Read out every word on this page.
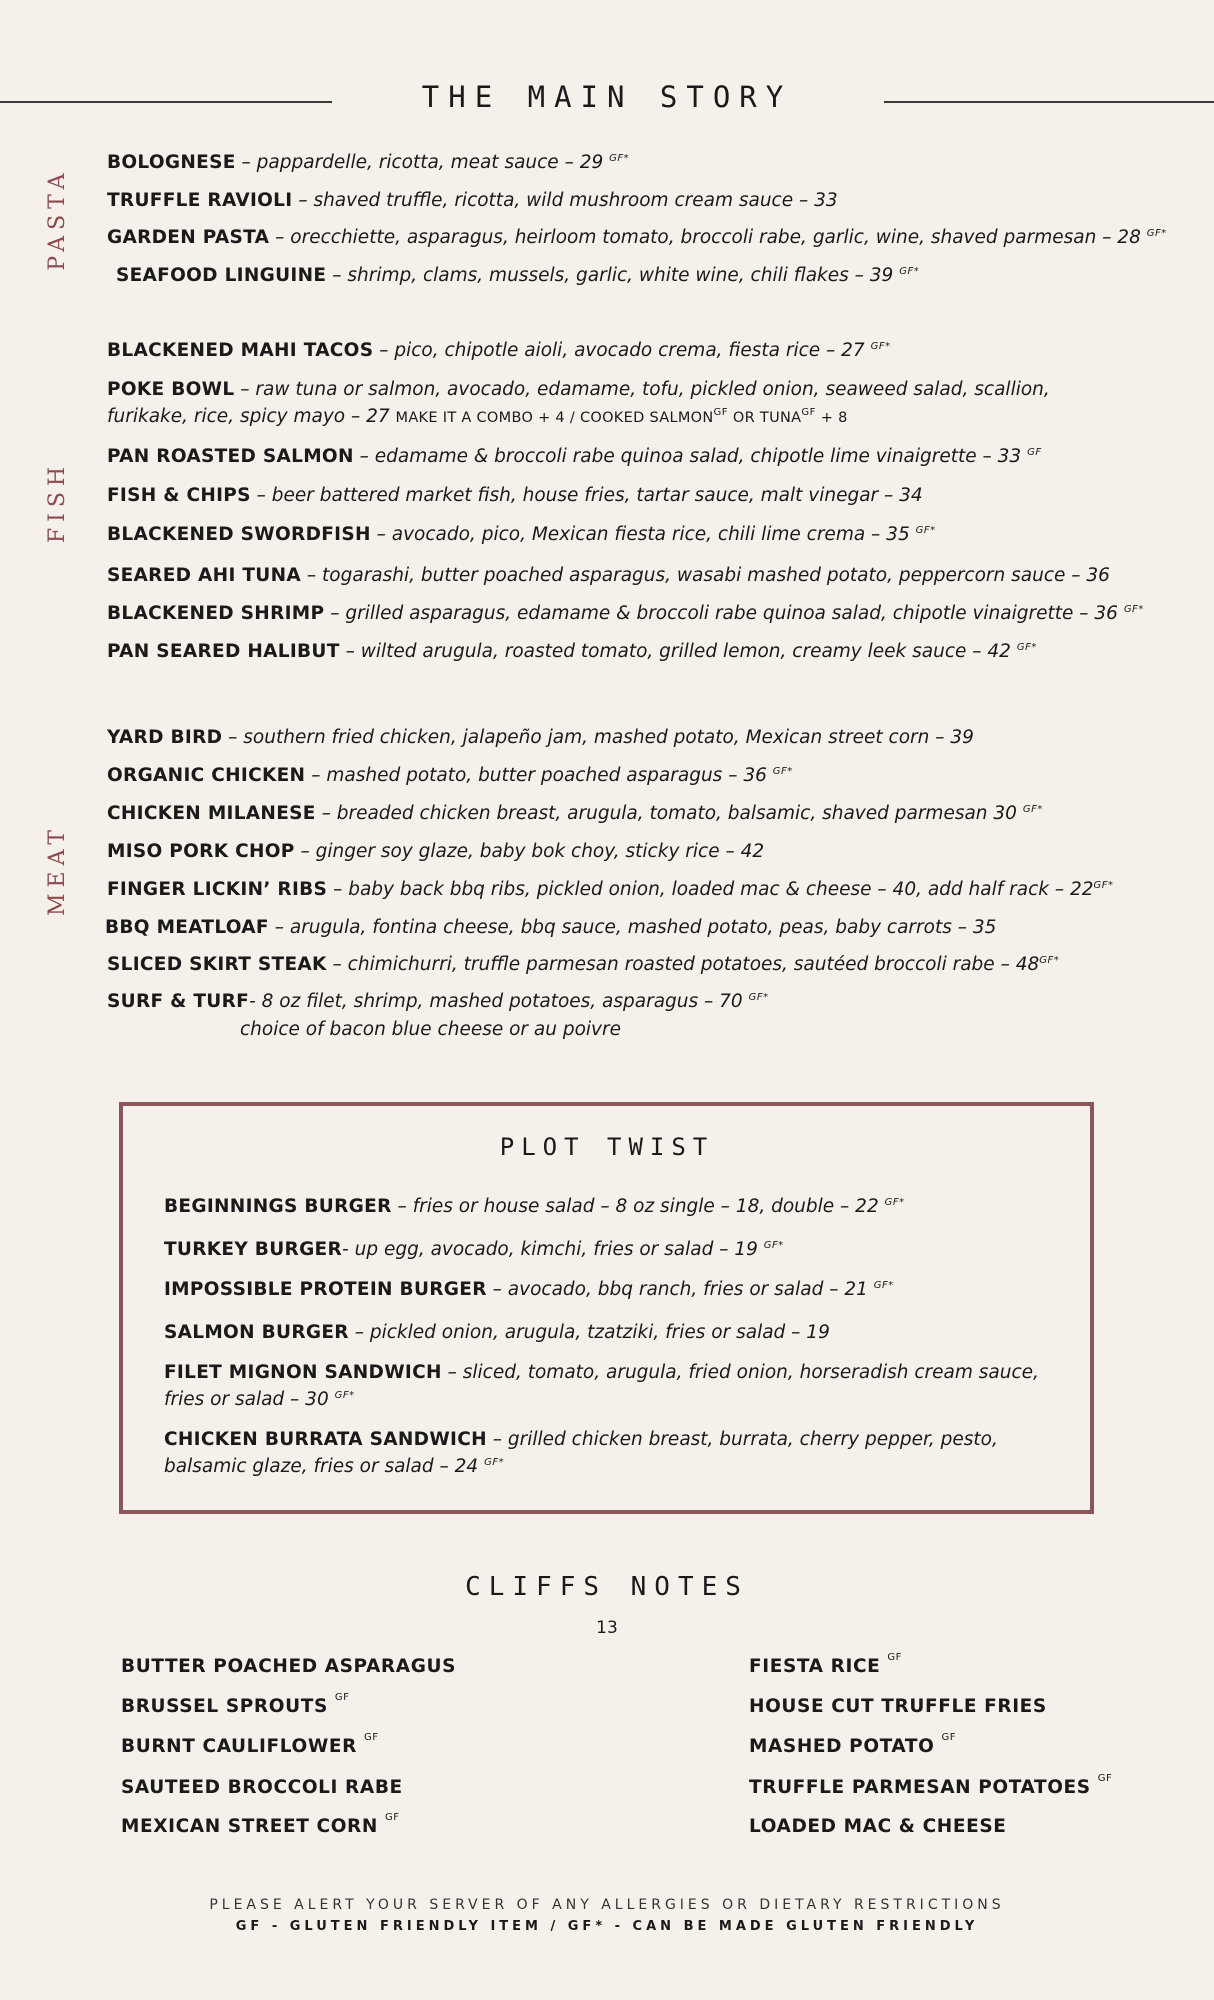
THE MAIN STORY
PASTA
FISH
MEAT
BOLOGNESE – pappardelle, ricotta, meat sauce – 29 $^{GF*}$
TRUFFLE RAVIOLI – shaved truffle, ricotta, wild mushroom cream sauce – 33
GARDEN PASTA – orecchiette, asparagus, heirloom tomato, broccoli rabe, garlic, wine, shaved parmesan – 28 $^{GF*}$
SEAFOOD LINGUINE – shrimp, clams, mussels, garlic, white wine, chili flakes – 39 $^{GF*}$
BLACKENED MAHI TACOS – pico, chipotle aioli, avocado crema, fiesta rice – 27 $^{GF*}$
POKE BOWL – raw tuna or salmon, avocado, edamame, tofu, pickled onion, seaweed salad, scallion,
furikake, rice, spicy mayo – 27 MAKE IT A COMBO + 4 / COOKED $SALMON^{GF}$ OR $TUNA^{GF} + 8$
PAN ROASTED SALMON – edamame & broccoli rabe quinoa salad, chipotle lime vinaigrette – 33 $^{GF}$
FISH & CHIPS – beer battered market fish, house fries, tartar sauce, malt vinegar – 34
BLACKENED SWORDFISH – avocado, pico, Mexican fiesta rice, chili lime crema – 35 $^{GF*}$
SEARED AHI TUNA – togarashi, butter poached asparagus, wasabi mashed potato, peppercorn sauce – 36
BLACKENED SHRIMP – grilled asparagus, edamame & broccoli rabe quinoa salad, chipotle vinaigrette – 36 $^{GF*}$
PAN SEARED HALIBUT – wilted arugula, roasted tomato, grilled lemon, creamy leek sauce – 42 $^{GF*}$
YARD BIRD – southern fried chicken, jalapeño jam, mashed potato, Mexican street corn – 39
ORGANIC CHICKEN – mashed potato, butter poached asparagus – 36 $^{GF*}$
CHICKEN MILANESE – breaded chicken breast, arugula, tomato, balsamic, shaved parmesan 30 $^{GF*}$
MISO PORK CHOP – ginger soy glaze, baby bok choy, sticky rice – 42
FINGER LICKIN’ RIBS – baby back bbq ribs, pickled onion, loaded mac & cheese – 40, add half rack – $22^{GF*}$
BBQ MEATLOAF – arugula, fontina cheese, bbq sauce, mashed potato, peas, baby carrots – 35
SLICED SKIRT STEAK – chimichurri, truffle parmesan roasted potatoes, sautéed broccoli rabe – $48^{GF*}$
SURF & TURF- 8 oz filet, shrimp, mashed potatoes, asparagus – 70 $^{GF*}$
choice of bacon blue cheese or au poivre
PLOT TWIST
BEGINNINGS BURGER – fries or house salad – 8 oz single – 18, double – 22 $^{GF*}$
TURKEY BURGER- up egg, avocado, kimchi, fries or salad – 19 $^{GF*}$
IMPOSSIBLE PROTEIN BURGER – avocado, bbq ranch, fries or salad – 21 $^{GF*}$
SALMON BURGER – pickled onion, arugula, tzatziki, fries or salad – 19
FILET MIGNON SANDWICH – sliced, tomato, arugula, fried onion, horseradish cream sauce,
fries or salad – 30 $^{GF*}$
CHICKEN BURRATA SANDWICH – grilled chicken breast, burrata, cherry pepper, pesto,
balsamic glaze, fries or salad – 24 $^{GF*}$
CLIFFS NOTES
13
BUTTER POACHED ASPARAGUS
BRUSSEL SPROUTS $^{GF}$
BURNT CAULIFLOWER $^{GF}$
SAUTEED BROCCOLI RABE
MEXICAN STREET CORN $^{GF}$
FIESTA RICE $^{GF}$
HOUSE CUT TRUFFLE FRIES
MASHED POTATO $^{GF}$
TRUFFLE PARMESAN POTATOES $^{GF}$
LOADED MAC & CHEESE
PLEASE ALERT YOUR SERVER OF ANY ALLERGIES OR DIETARY RESTRICTIONS
GF - GLUTEN FRIENDLY ITEM / GF* - CAN BE MADE GLUTEN FRIENDLY
